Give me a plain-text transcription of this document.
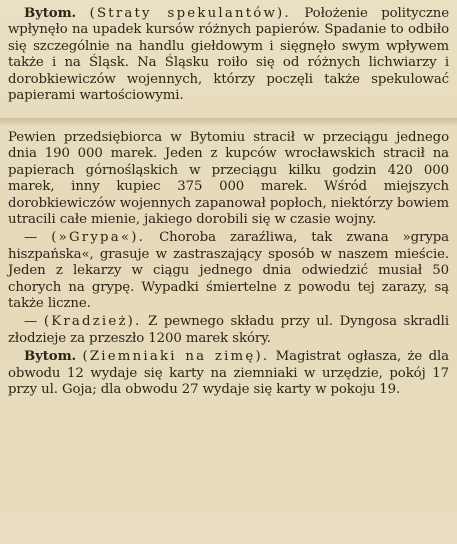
Bytom. (Straty spekulantów). Położenie polityczne wpłynęło na upadek kursów różnych papierów. Spadanie to odbiło się szczególnie na handlu giełdowym i sięgnęło swym wpływem także i na Śląsk. Na Śląsku roiło się od różnych lichwiarzy i dorobkiewiczów wojennych, którzy poczęli także spekulować papierami wartościowymi.

Pewien przedsiębiorca w Bytomiu stracił w przeciągu jednego dnia 190 000 marek. Jeden z kupców wrocławskich stracił na papierach górnośląskich w przeciągu kilku godzin 420 000 marek, inny kupiec 375 000 marek. Wśród miejszych dorobkiewiczów wojennych zapanował popłoch, niektórzy bowiem utracili całe mienie, jakiego dorobili się w czasie wojny.

— (»Grypa«). Choroba zaraźliwa, tak zwana »grypa hiszpańska«, grasuje w zastraszający sposób w naszem mieście. Jeden z lekarzy w ciągu jednego dnia odwiedzić musiał 50 chorych na grypę. Wypadki śmiertelne z powodu tej zarazy, są także liczne.

— (Kradzież). Z pewnego składu przy ul. Dyngosa skradli złodzieje za przeszło 1200 marek skóry.

Bytom. (Ziemniaki na zimę). Magistrat ogłasza, że dla obwodu 12 wydaje się karty na ziemniaki w urzędzie, pokój 17 przy ul. Goja; dla obwodu 27 wydaje się karty w pokoju 19.
